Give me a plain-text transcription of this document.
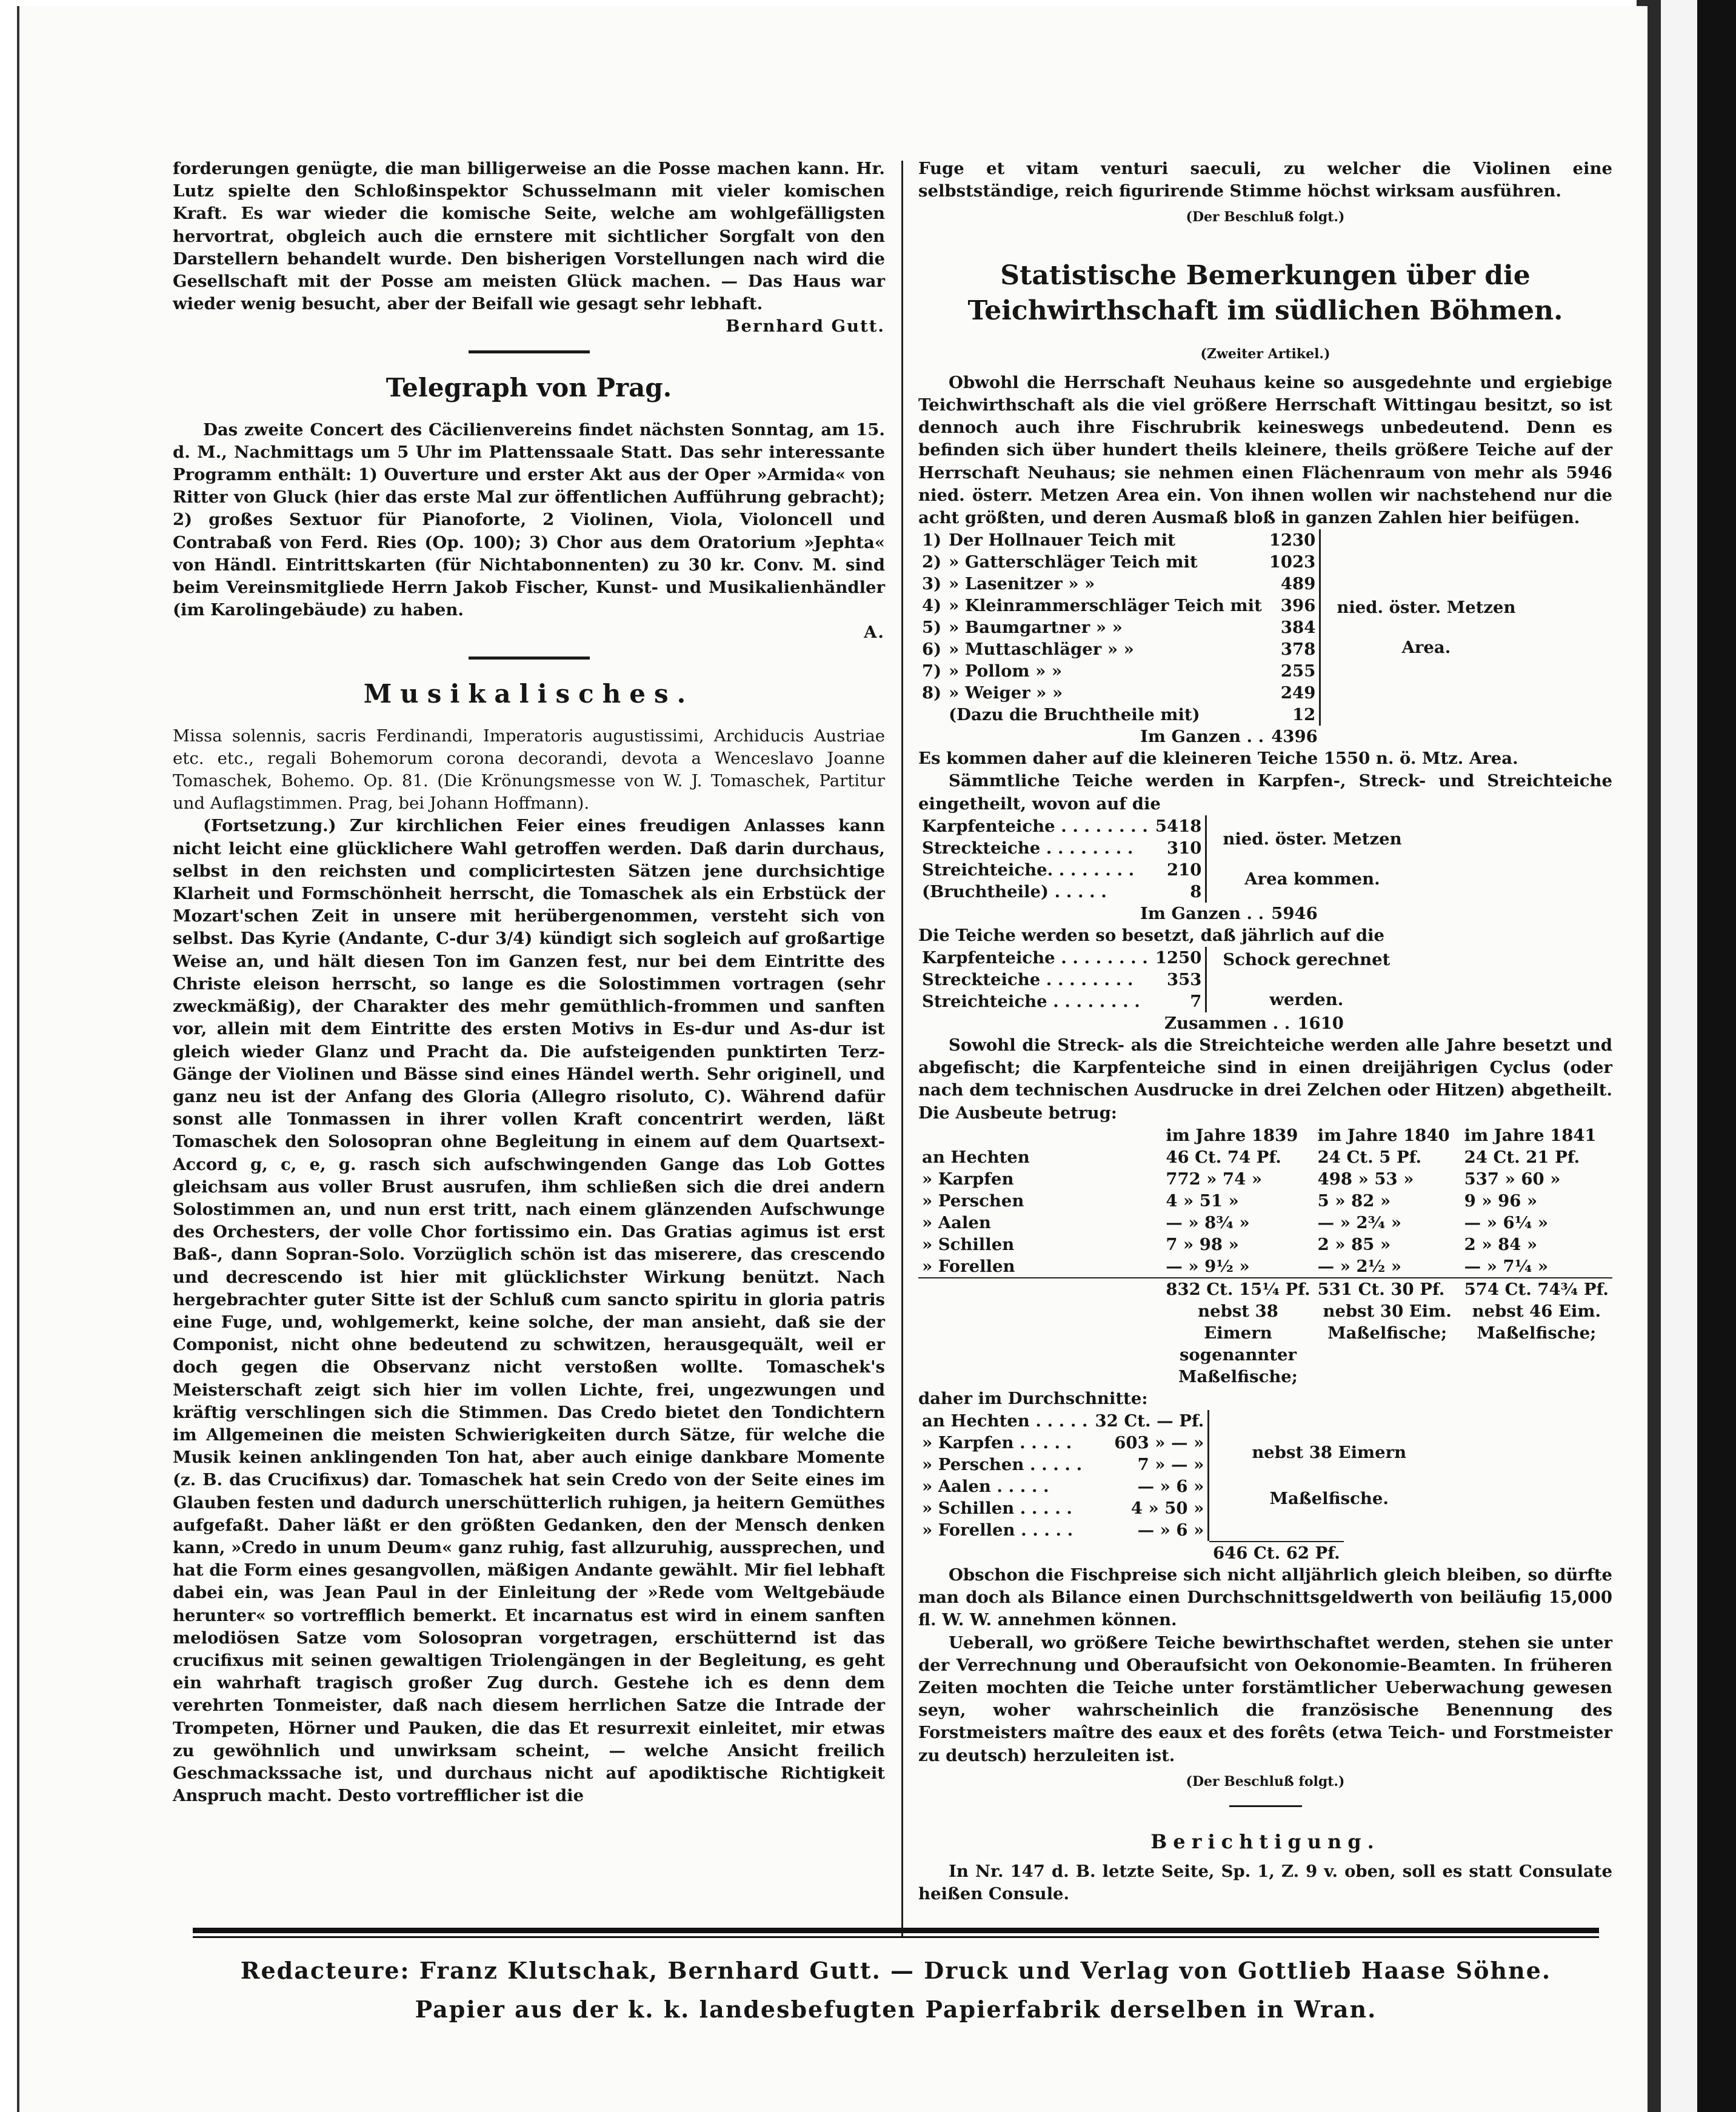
forderungen genügte, die man billigerweise an die Posse machen kann. Hr. Lutz spielte den Schloßinspektor Schusselmann mit vieler komischen Kraft. Es war wieder die komische Seite, welche am wohlgefälligsten hervortrat, obgleich auch die ernstere mit sichtlicher Sorgfalt von den Darstellern behandelt wurde. Den bisherigen Vorstellungen nach wird die Gesellschaft mit der Posse am meisten Glück machen. — Das Haus war wieder wenig besucht, aber der Beifall wie gesagt sehr lebhaft.

Bernhard Gutt.

Telegraph von Prag.

Das zweite Concert des Cäcilienvereins findet nächsten Sonntag, am 15. d. M., Nachmittags um 5 Uhr im Plattenssaale Statt. Das sehr interessante Programm enthält: 1) Ouverture und erster Akt aus der Oper »Armida« von Ritter von Gluck (hier das erste Mal zur öffentlichen Aufführung gebracht); 2) großes Sextuor für Pianoforte, 2 Violinen, Viola, Violoncell und Contrabaß von Ferd. Ries (Op. 100); 3) Chor aus dem Oratorium »Jephta« von Händl. Eintrittskarten (für Nichtabonnenten) zu 30 kr. Conv. M. sind beim Vereinsmitgliede Herrn Jakob Fischer, Kunst- und Musikalienhändler (im Karolingebäude) zu haben.

A.

Musikalisches.

Missa solennis, sacris Ferdinandi, Imperatoris augustissimi, Archiducis Austriae etc. etc., regali Bohemorum corona decorandi, devota a Wenceslavo Joanne Tomaschek, Bohemo. Op. 81. (Die Krönungsmesse von W. J. Tomaschek, Partitur und Auflagstimmen. Prag, bei Johann Hoffmann).

(Fortsetzung.) Zur kirchlichen Feier eines freudigen Anlasses kann nicht leicht eine glücklichere Wahl getroffen werden. Daß darin durchaus, selbst in den reichsten und complicirtesten Sätzen jene durchsichtige Klarheit und Formschönheit herrscht, die Tomaschek als ein Erbstück der Mozart'schen Zeit in unsere mit herübergenommen, versteht sich von selbst. Das Kyrie (Andante, C-dur 3/4) kündigt sich sogleich auf großartige Weise an, und hält diesen Ton im Ganzen fest, nur bei dem Eintritte des Christe eleison herrscht, so lange es die Solostimmen vortragen (sehr zweckmäßig), der Charakter des mehr gemüthlich-frommen und sanften vor, allein mit dem Eintritte des ersten Motivs in Es-dur und As-dur ist gleich wieder Glanz und Pracht da. Die aufsteigenden punktirten Terz-Gänge der Violinen und Bässe sind eines Händel werth. Sehr originell, und ganz neu ist der Anfang des Gloria (Allegro risoluto, C). Während dafür sonst alle Tonmassen in ihrer vollen Kraft concentrirt werden, läßt Tomaschek den Solosopran ohne Begleitung in einem auf dem Quartsext-Accord g, c, e, g. rasch sich aufschwingenden Gange das Lob Gottes gleichsam aus voller Brust ausrufen, ihm schließen sich die drei andern Solostimmen an, und nun erst tritt, nach einem glänzenden Aufschwunge des Orchesters, der volle Chor fortissimo ein. Das Gratias agimus ist erst Baß-, dann Sopran-Solo. Vorzüglich schön ist das miserere, das crescendo und decrescendo ist hier mit glücklichster Wirkung benützt. Nach hergebrachter guter Sitte ist der Schluß cum sancto spiritu in gloria patris eine Fuge, und, wohlgemerkt, keine solche, der man ansieht, daß sie der Componist, nicht ohne bedeutend zu schwitzen, herausgequält, weil er doch gegen die Observanz nicht verstoßen wollte. Tomaschek's Meisterschaft zeigt sich hier im vollen Lichte, frei, ungezwungen und kräftig verschlingen sich die Stimmen. Das Credo bietet den Tondichtern im Allgemeinen die meisten Schwierigkeiten durch Sätze, für welche die Musik keinen anklingenden Ton hat, aber auch einige dankbare Momente (z. B. das Crucifixus) dar. Tomaschek hat sein Credo von der Seite eines im Glauben festen und dadurch unerschütterlich ruhigen, ja heitern Gemüthes aufgefaßt. Daher läßt er den größten Gedanken, den der Mensch denken kann, »Credo in unum Deum« ganz ruhig, fast allzuruhig, aussprechen, und hat die Form eines gesangvollen, mäßigen Andante gewählt. Mir fiel lebhaft dabei ein, was Jean Paul in der Einleitung der »Rede vom Weltgebäude herunter« so vortrefflich bemerkt. Et incarnatus est wird in einem sanften melodiösen Satze vom Solosopran vorgetragen, erschütternd ist das crucifixus mit seinen gewaltigen Triolengängen in der Begleitung, es geht ein wahrhaft tragisch großer Zug durch. Gestehe ich es denn dem verehrten Tonmeister, daß nach diesem herrlichen Satze die Intrade der Trompeten, Hörner und Pauken, die das Et resurrexit einleitet, mir etwas zu gewöhnlich und unwirksam scheint, — welche Ansicht freilich Geschmackssache ist, und durchaus nicht auf apodiktische Richtigkeit Anspruch macht. Desto vortrefflicher ist die

Fuge et vitam venturi saeculi, zu welcher die Violinen eine selbstständige, reich figurirende Stimme höchst wirksam ausführen.

(Der Beschluß folgt.)
Statistische Bemerkungen über die Teichwirthschaft im südlichen Böhmen.
(Zweiter Artikel.)

Obwohl die Herrschaft Neuhaus keine so ausgedehnte und ergiebige Teichwirthschaft als die viel größere Herrschaft Wittingau besitzt, so ist dennoch auch ihre Fischrubrik keineswegs unbedeutend. Denn es befinden sich über hundert theils kleinere, theils größere Teiche auf der Herrschaft Neuhaus; sie nehmen einen Flächenraum von mehr als 5946 nied. österr. Metzen Area ein. Von ihnen wollen wir nachstehend nur die acht größten, und deren Ausmaß bloß in ganzen Zahlen hier beifügen.

1)	Der Hollnauer Teich mit	1230	nied. öster. Metzen
Area.

2)	» Gatterschläger Teich mit	1023	
3)	» Lasenitzer » »	489	
4)	» Kleinrammerschläger Teich mit	396	
5)	» Baumgartner » »	384	
6)	» Muttaschläger » »	378	
7)	» Pollom » »	255	
8)	» Weiger » »	249	
	(Dazu die Bruchtheile mit)	12	
Im Ganzen . .	4396

Es kommen daher auf die kleineren Teiche 1550 n. ö. Mtz. Area.

Sämmtliche Teiche werden in Karpfen-, Streck- und Streichteiche eingetheilt, wovon auf die

Karpfenteiche . . . . . . . .	5418	nied. öster. Metzen
Area kommen.

Streckteiche . . . . . . . .	310	
Streichteiche. . . . . . . .	210	
(Bruchtheile) . . . . .	8	
Im Ganzen . .	5946

Die Teiche werden so besetzt, daß jährlich auf die

Karpfenteiche . . . . . . . .	1250	Schock gerechnet
werden.

Streckteiche . . . . . . . .	353	
Streichteiche . . . . . . . .	7	
Zusammen . .	1610

Sowohl die Streck- als die Streichteiche werden alle Jahre besetzt und abgefischt; die Karpfenteiche sind in einen dreijährigen Cyclus (oder nach dem technischen Ausdrucke in drei Zelchen oder Hitzen) abgetheilt. Die Ausbeute betrug:

	im Jahre 1839	im Jahre 1840	im Jahre 1841
an Hechten	46 Ct. 74 Pf.	24 Ct. 5 Pf.	24 Ct. 21 Pf.
» Karpfen	772 » 74 »	498 » 53 »	537 » 60 »
» Perschen	4 » 51 »	5 » 82 »	9 » 96 »
» Aalen	— » 8¾ »	— » 2¾ »	— » 6¼ »
» Schillen	7 » 98 »	2 » 85 »	2 » 84 »
» Forellen	— » 9½ »	— » 2½ »	— » 7¼ »
	832 Ct. 15¼ Pf.	531 Ct. 30 Pf.	574 Ct. 74¾ Pf.
	nebst 38 Eimern sogenannter Maßelfische;	nebst 30 Eim. Maßelfische;	nebst 46 Eim. Maßelfische;

daher im Durchschnitte:

an Hechten . . . . .	32 Ct. — Pf.	nebst 38 Eimern
Maßelfische.

» Karpfen . . . . .	603 » — »	
» Perschen . . . . .	7 » — »	
» Aalen . . . . .	— » 6 »	
» Schillen . . . . .	4 » 50 »	
» Forellen . . . . .	— » 6 »	
646 Ct. 62 Pf.

Obschon die Fischpreise sich nicht alljährlich gleich bleiben, so dürfte man doch als Bilance einen Durchschnittsgeldwerth von beiläufig 15,000 fl. W. W. annehmen können.

Ueberall, wo größere Teiche bewirthschaftet werden, stehen sie unter der Verrechnung und Oberaufsicht von Oekonomie-Beamten. In früheren Zeiten mochten die Teiche unter forstämtlicher Ueberwachung gewesen seyn, woher wahrscheinlich die französische Benennung des Forstmeisters maître des eaux et des forêts (etwa Teich- und Forstmeister zu deutsch) herzuleiten ist.

(Der Beschluß folgt.)
Berichtigung.

In Nr. 147 d. B. letzte Seite, Sp. 1, Z. 9 v. oben, soll es statt Consulate heißen Consule.

Redacteure: Franz Klutschak, Bernhard Gutt. — Druck und Verlag von Gottlieb Haase Söhne.
Papier aus der k. k. landesbefugten Papierfabrik derselben in Wran.
